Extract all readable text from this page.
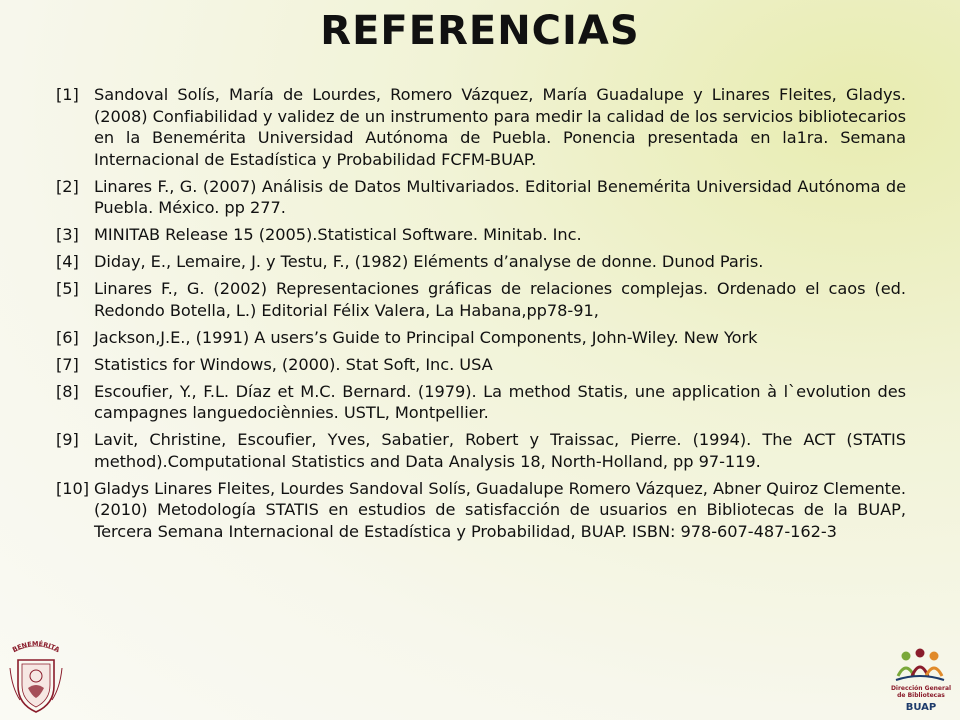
REFERENCIAS
[1] Sandoval Solís, María de Lourdes, Romero Vázquez, María Guadalupe y Linares Fleites, Gladys. (2008) Confiabilidad y validez de un instrumento para medir la calidad de los servicios bibliotecarios en la Benemérita Universidad Autónoma de Puebla. Ponencia presentada en la1ra. Semana Internacional de Estadística y Probabilidad FCFM-BUAP.
[2] Linares F., G. (2007) Análisis de Datos Multivariados. Editorial Benemérita Universidad Autónoma de Puebla. México. pp 277.
[3] MINITAB Release 15 (2005).Statistical Software. Minitab. Inc.
[4] Diday, E., Lemaire, J. y Testu, F., (1982) Eléments d’analyse de donne. Dunod Paris.
[5] Linares F., G. (2002) Representaciones gráficas de relaciones complejas. Ordenado el caos (ed. Redondo Botella, L.) Editorial Félix Valera, La Habana,pp78-91,
[6] Jackson,J.E., (1991) A users’s Guide to Principal Components, John-Wiley. New York
[7] Statistics for Windows, (2000). Stat Soft, Inc. USA
[8] Escoufier, Y., F.L. Díaz et M.C. Bernard. (1979). La method Statis, une application à l`evolution des campagnes languedociènnies. USTL, Montpellier.
[9] Lavit, Christine, Escoufier, Yves, Sabatier, Robert y Traissac, Pierre. (1994). The ACT (STATIS method).Computational Statistics and Data Analysis 18, North-Holland, pp 97-119.
[10] Gladys Linares Fleites, Lourdes Sandoval Solís, Guadalupe Romero Vázquez, Abner Quiroz Clemente. (2010) Metodología STATIS en estudios de satisfacción de usuarios en Bibliotecas de la BUAP, Tercera Semana Internacional de Estadística y Probabilidad, BUAP. ISBN: 978-607-487-162-3
BENEMÉRITA
Dirección General
de Bibliotecas
BUAP
